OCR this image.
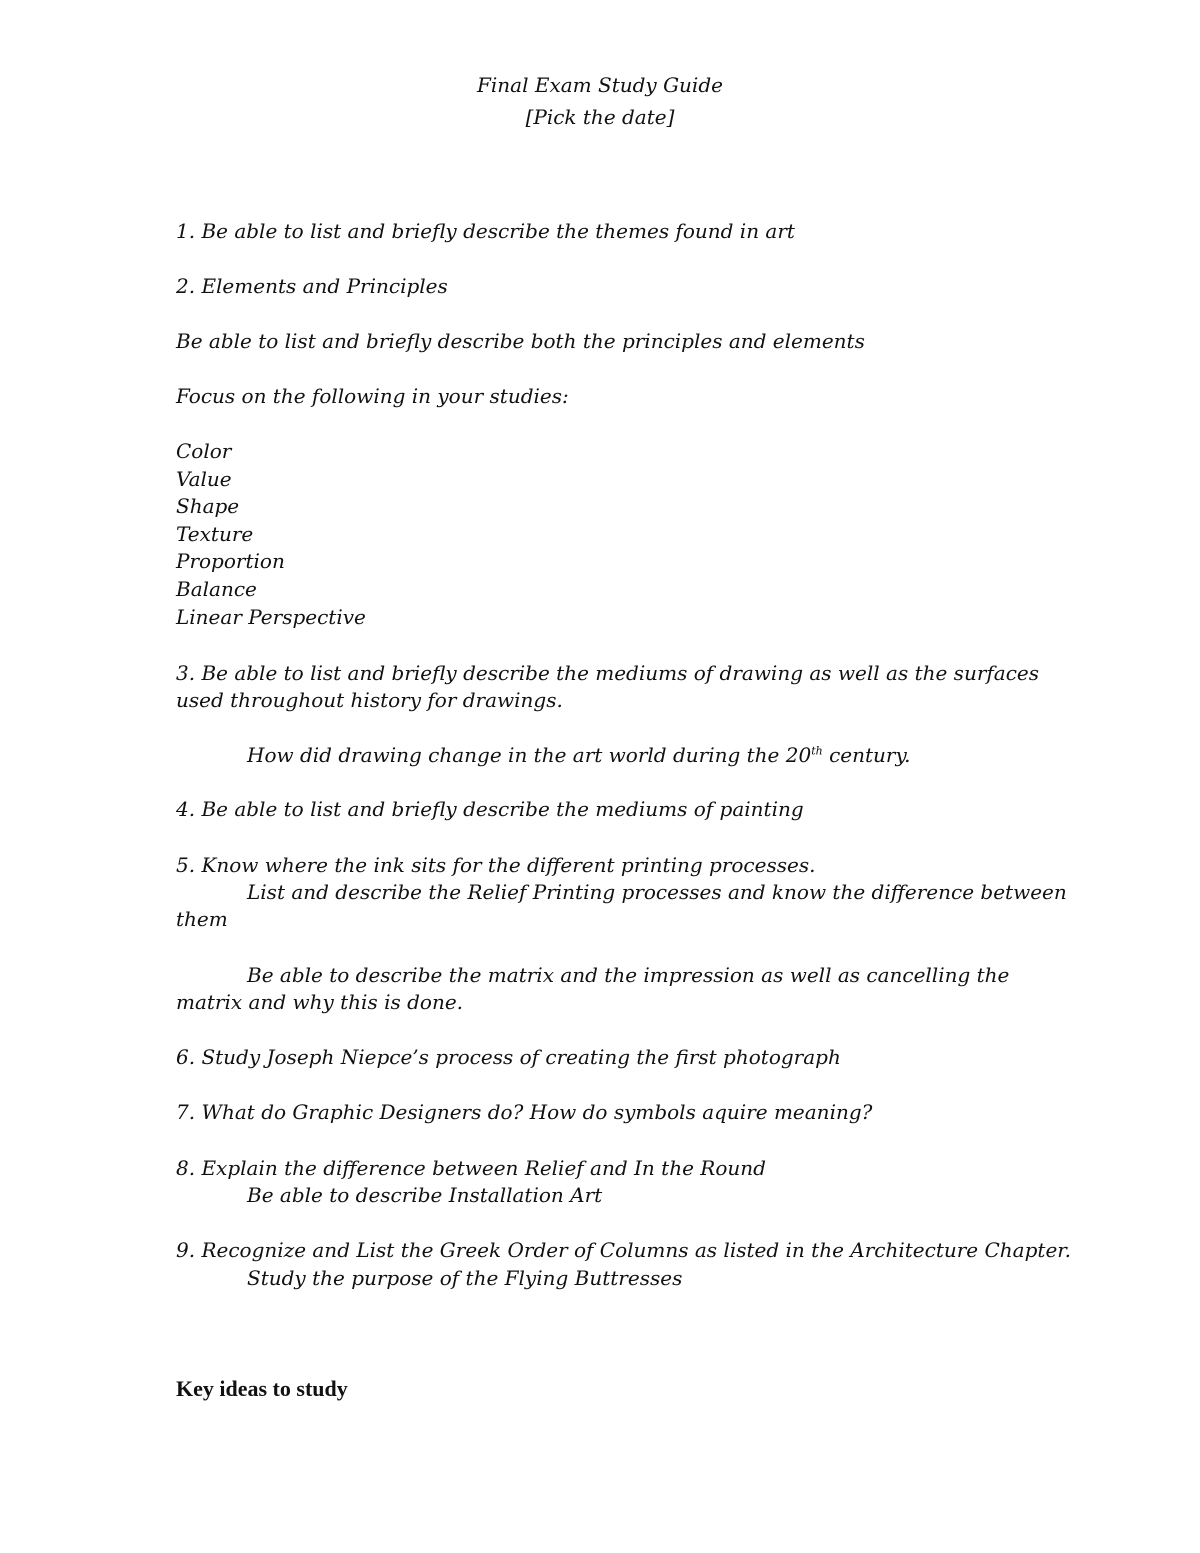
Final Exam Study Guide

[Pick the date]

1. Be able to list and briefly describe the themes found in art

2. Elements and Principles

Be able to list and briefly describe both the principles and elements

Focus on the following in your studies:

Color

Value

Shape

Texture

Proportion

Balance

Linear Perspective

3. Be able to list and briefly describe the mediums of drawing as well as the surfaces

used throughout history for drawings.

How did drawing change in the art world during the 20th century.

4. Be able to list and briefly describe the mediums of painting

5. Know where the ink sits for the different printing processes.

List and describe the Relief Printing processes and know the difference between

them

Be able to describe the matrix and the impression as well as cancelling the

matrix and why this is done.

6. Study Joseph Niepce’s process of creating the first photograph

7. What do Graphic Designers do? How do symbols aquire meaning?

8. Explain the difference between Relief and In the Round

Be able to describe Installation Art

9. Recognize and List the Greek Order of Columns as listed in the Architecture Chapter.

Study the purpose of the Flying Buttresses

Key ideas to study
